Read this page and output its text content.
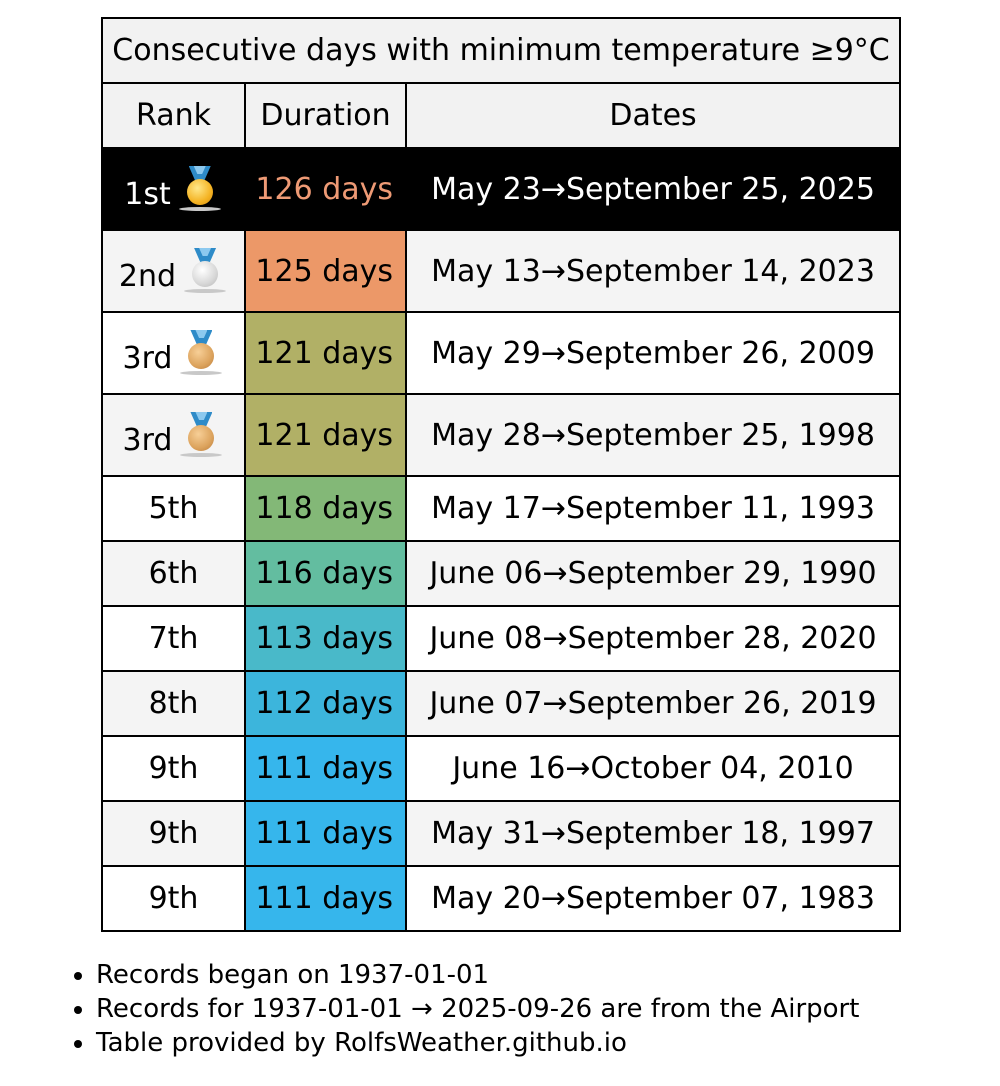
Consecutive days with minimum temperature ≥9°C		
Rank	Duration	Dates

1st	126 days	May 23→September 25, 2025

2nd	125 days	May 13→September 14, 2023

3rd	121 days	May 29→September 26, 2009

3rd	121 days	May 28→September 25, 1998

5th	118 days	May 17→September 11, 1993

6th	116 days	June 06→September 29, 1990

7th	113 days	June 08→September 28, 2020

8th	112 days	June 07→September 26, 2019

9th	111 days	June 16→October 04, 2010

9th	111 days	May 31→September 18, 1997

9th	111 days	May 20→September 07, 1983
• Records began on 1937-01-01
• Records for 1937-01-01 → 2025-09-26 are from the Airport
• Table provided by RolfsWeather.github.io
